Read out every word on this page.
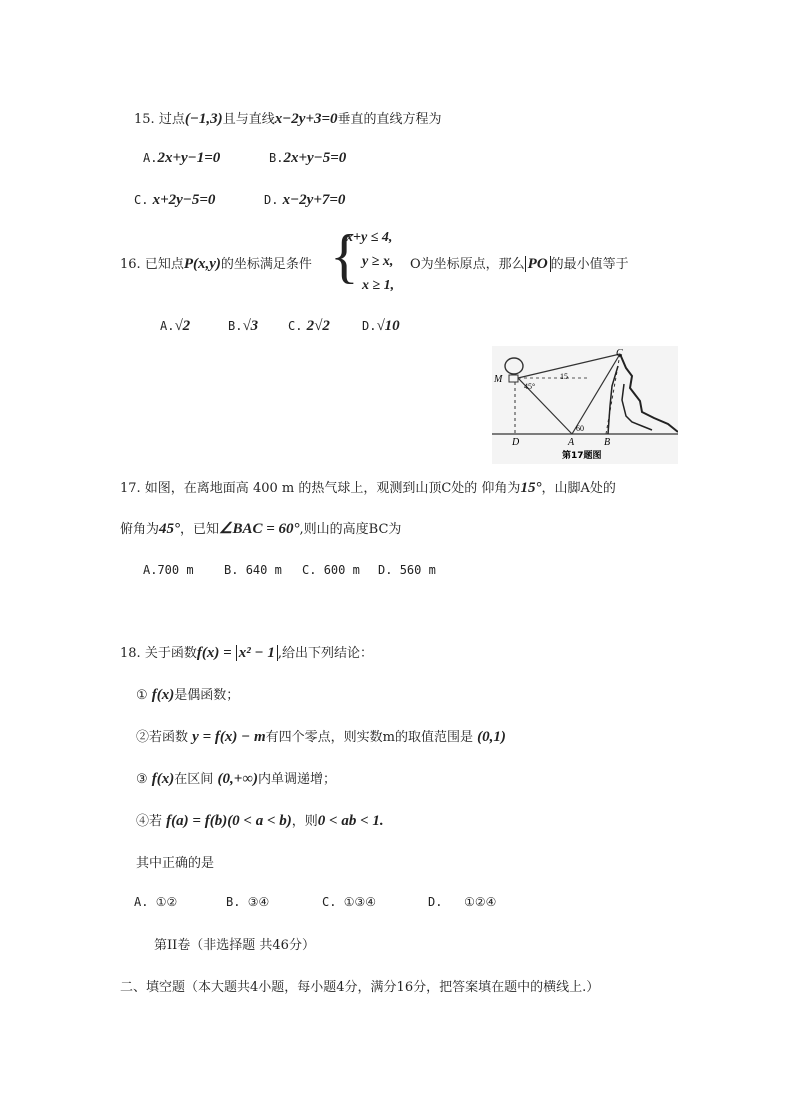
15. 过点(−1,3)且与直线x−2y+3=0垂直的直线方程为
A.2x+y−1=0	B.2x+y−5=0
C. x+2y−5=0	D. x−2y+7=0
16. 已知点P(x,y)的坐标满足条件 {
x+y ≤ 4,
y ≥ x,
x ≥ 1,
O为坐标原点，那么 PO 的最小值等于
A.√2	B.√3 C. 2√2	D.√10
M
C
D	A	B
45°
15
60
第17题图
17. 如图，在离地面高 400 m 的热气球上，观测到山顶C处的 仰角为15°，山脚A处的
俯角为45°，已知∠BAC = 60°,则山的高度BC为
A.700 m	B. 640 m C. 600 m D. 560 m
18. 关于函数f(x) = x² − 1 ,给出下列结论：
① f(x)是偶函数；
②若函数 y = f(x) − m有四个零点，则实数m的取值范围是 (0,1)
③ f(x)在区间 (0,+∞)内单调递增；
④若 f(a) = f(b)(0 < a < b)，则0 < ab < 1.
其中正确的是
A. ①②	B. ③④	C. ①③④	D. ①②④
第II卷（非选择题 共46分）
二、填空题（本大题共4小题，每小题4分，满分16分，把答案填在题中的横线上.）
